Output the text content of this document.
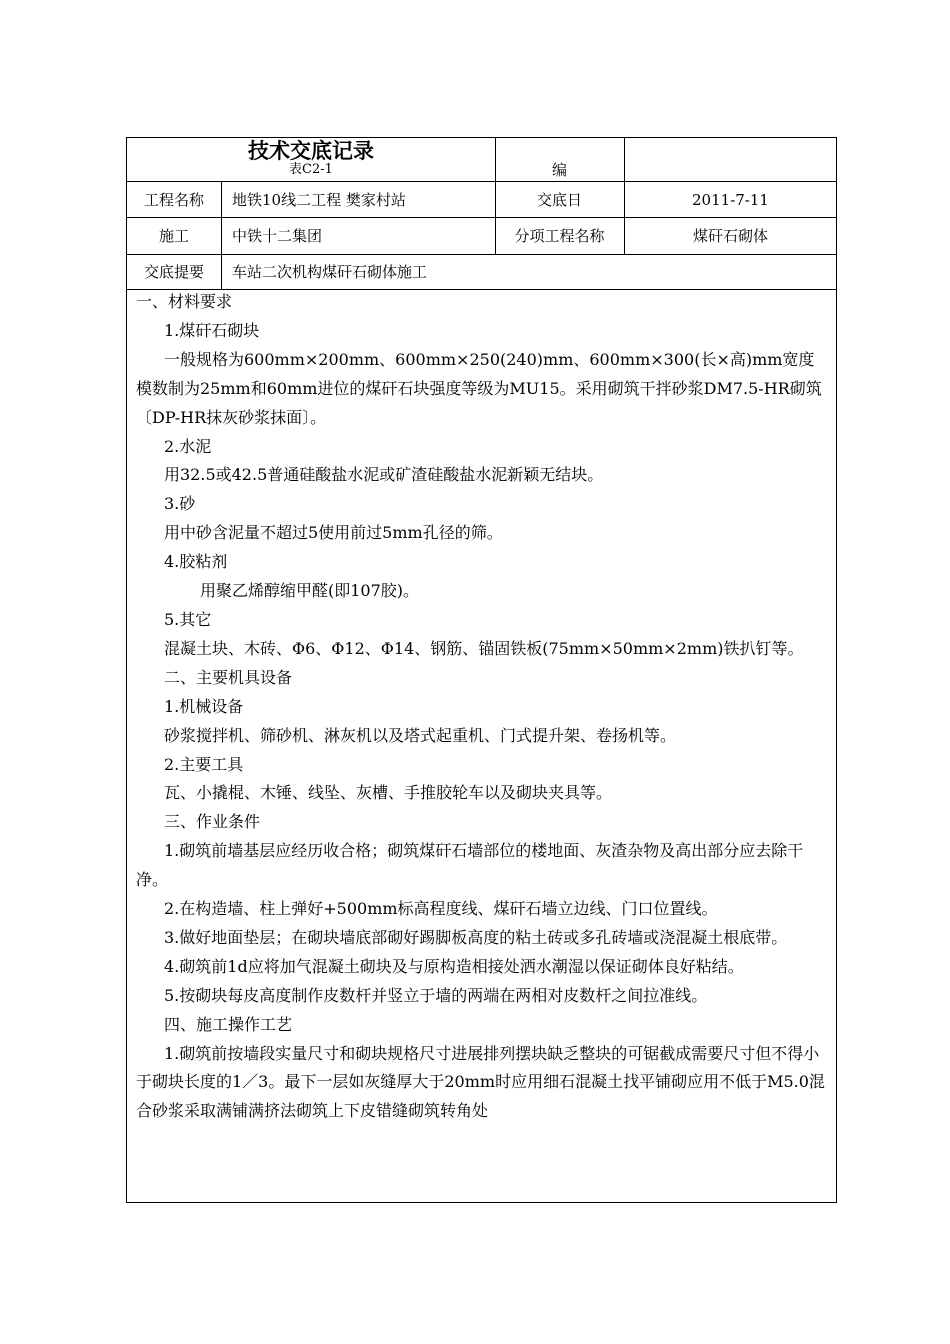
技术交底记录
表C2-1	编
工程名称	地铁10线二工程 樊家村站	交底日	2011-7-11
施工	中铁十二集团	分项工程名称	煤矸石砌体
交底提要	车站二次机构煤矸石砌体施工

一、材料要求

1.煤矸石砌块

一般规格为600mm×200mm、600mm×250(240)mm、600mm×300(长×高)mm宽度模数制为25mm和60mm进位的煤矸石块强度等级为MU15。采用砌筑干拌砂浆DM7.5-HR砌筑〔DP-HR抹灰砂浆抹面〕。

2.水泥

用32.5或42.5普通硅酸盐水泥或矿渣硅酸盐水泥新颖无结块。

3.砂

用中砂含泥量不超过5使用前过5mm孔径的筛。

4.胶粘剂

用聚乙烯醇缩甲醛(即107胶)。

5.其它

混凝土块、木砖、Φ6、Φ12、Φ14、钢筋、锚固铁板(75mm×50mm×2mm)铁扒钉等。

二、主要机具设备

1.机械设备

砂浆搅拌机、筛砂机、淋灰机以及塔式起重机、门式提升架、卷扬机等。

2.主要工具

瓦、小撬棍、木锤、线坠、灰槽、手推胶轮车以及砌块夹具等。

三、作业条件

1.砌筑前墙基层应经历收合格；砌筑煤矸石墙部位的楼地面、灰渣杂物及高出部分应去除干净。

2.在构造墙、柱上弹好+500mm标高程度线、煤矸石墙立边线、门口位置线。

3.做好地面垫层；在砌块墙底部砌好踢脚板高度的粘土砖或多孔砖墙或浇混凝土根底带。

4.砌筑前1d应将加气混凝土砌块及与原构造相接处洒水潮湿以保证砌体良好粘结。

5.按砌块每皮高度制作皮数杆并竖立于墙的两端在两相对皮数杆之间拉准线。

四、施工操作工艺

1.砌筑前按墙段实量尺寸和砌块规格尺寸进展排列摆块缺乏整块的可锯截成需要尺寸但不得小于砌块长度的1／3。最下一层如灰缝厚大于20mm时应用细石混凝土找平铺砌应用不低于M5.0混合砂浆采取满铺满挤法砌筑上下皮错缝砌筑转角处
